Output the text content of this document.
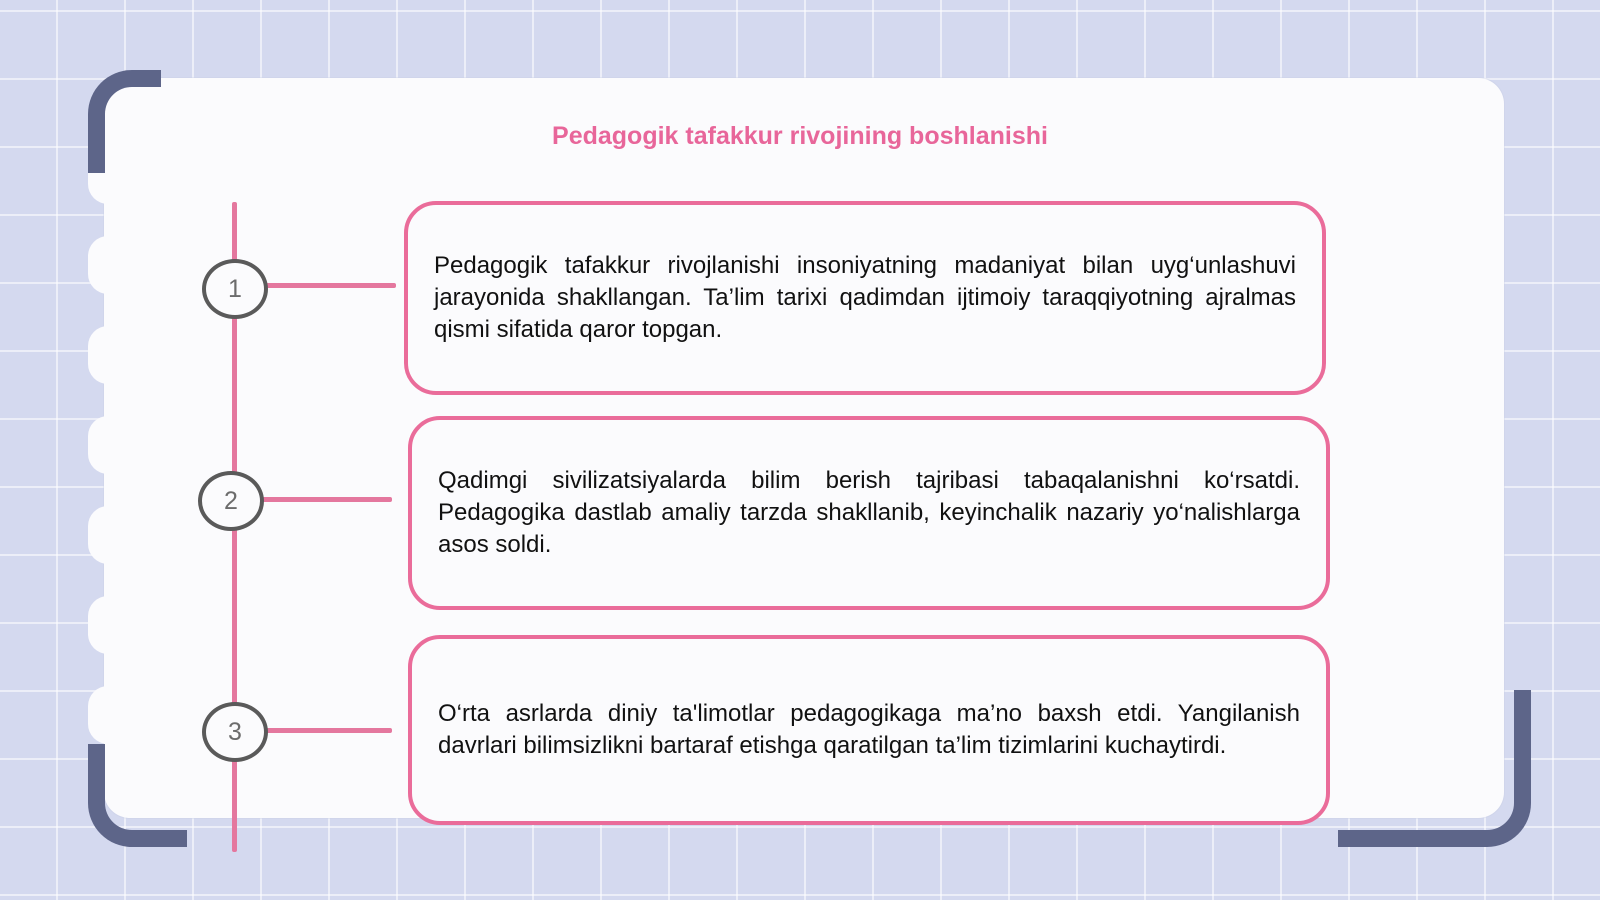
Pedagogik tafakkur rivojining boshlanishi
1
Pedagogik tafakkur rivojlanishi insoniyatning madaniyat bilan uyg‘unlashuvi jarayonida shakllangan. Ta’lim tarixi qadimdan ijtimoiy taraqqiyotning ajralmas qismi sifatida qaror topgan.
2
Qadimgi sivilizatsiyalarda bilim berish tajribasi tabaqalanishni ko‘rsatdi. Pedagogika dastlab amaliy tarzda shakllanib, keyinchalik nazariy yo‘nalishlarga asos soldi.
3
O‘rta asrlarda diniy ta'limotlar pedagogikaga ma’no baxsh etdi. Yangilanish davrlari bilimsizlikni bartaraf etishga qaratilgan ta’lim tizimlarini kuchaytirdi.
